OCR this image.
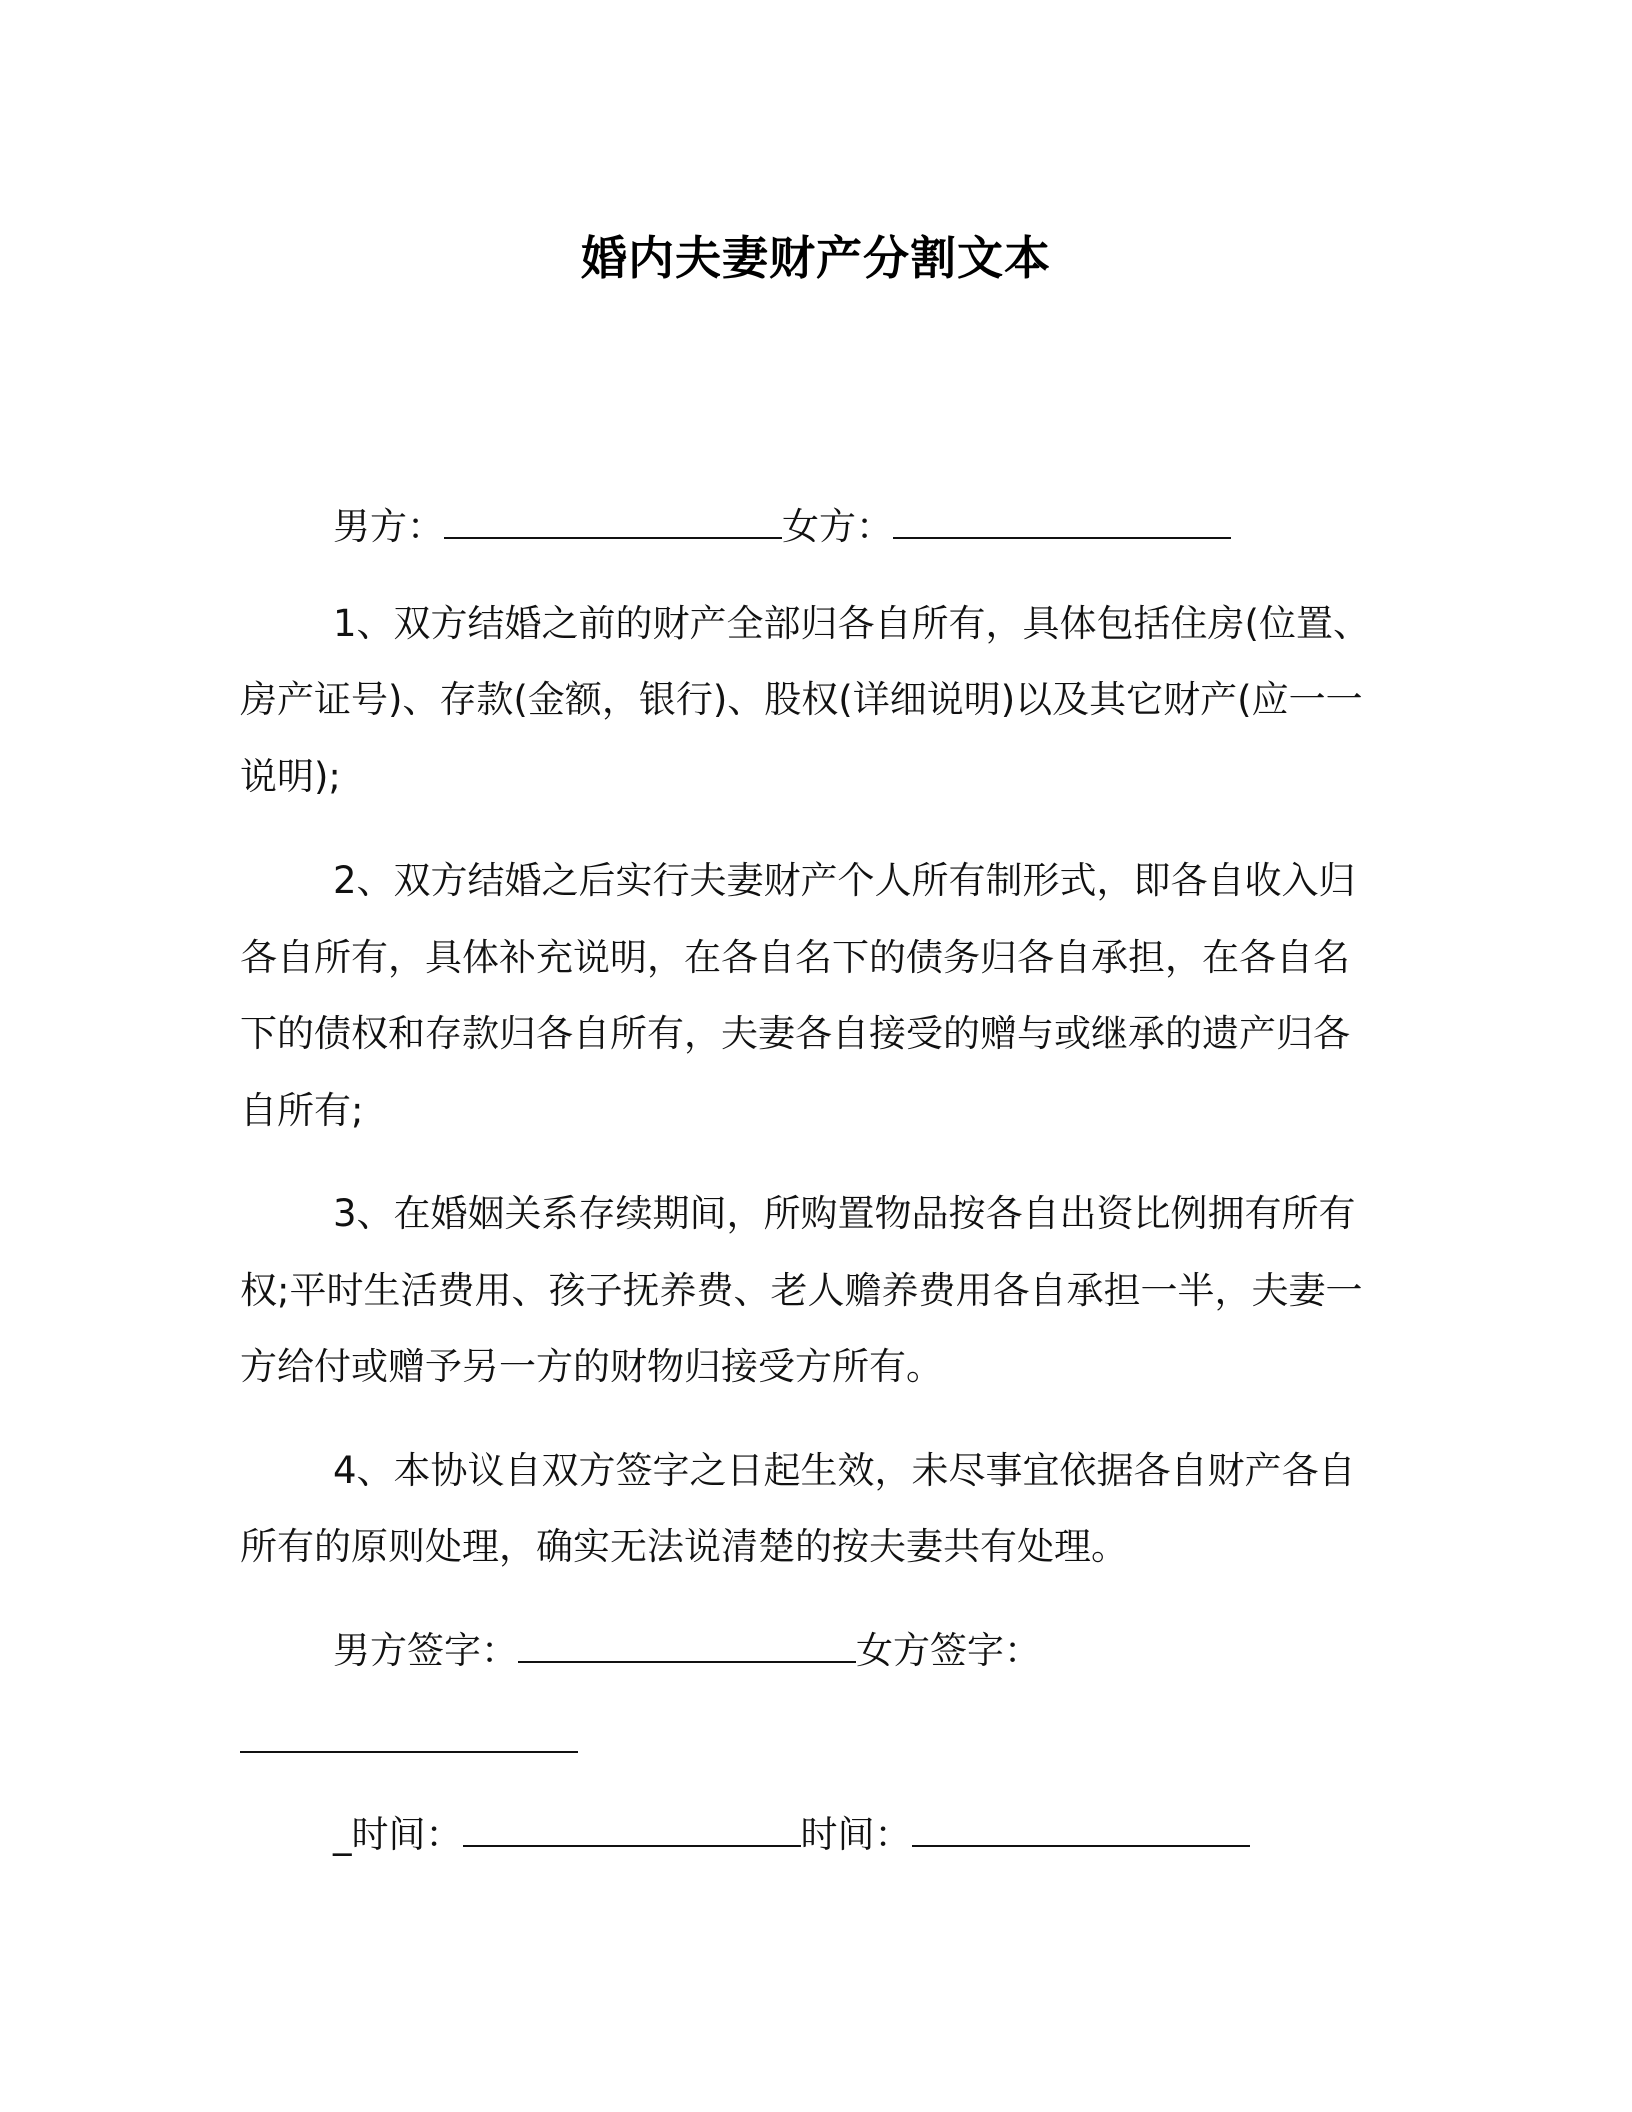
婚内夫妻财产分割文本
男方：	女方：
1、双方结婚之前的财产全部归各自所有，具体包括住房(位置、
房产证号)、存款(金额，银行)、股权(详细说明)以及其它财产(应一一
说明);
2、双方结婚之后实行夫妻财产个人所有制形式，即各自收入归
各自所有，具体补充说明，在各自名下的债务归各自承担，在各自名
下的债权和存款归各自所有，夫妻各自接受的赠与或继承的遗产归各
自所有;
3、在婚姻关系存续期间，所购置物品按各自出资比例拥有所有
权;平时生活费用、孩子抚养费、老人赡养费用各自承担一半，夫妻一
方给付或赠予另一方的财物归接受方所有。
4、本协议自双方签字之日起生效，未尽事宜依据各自财产各自
所有的原则处理，确实无法说清楚的按夫妻共有处理。
男方签字：	女方签字：
_时间：	时间：
